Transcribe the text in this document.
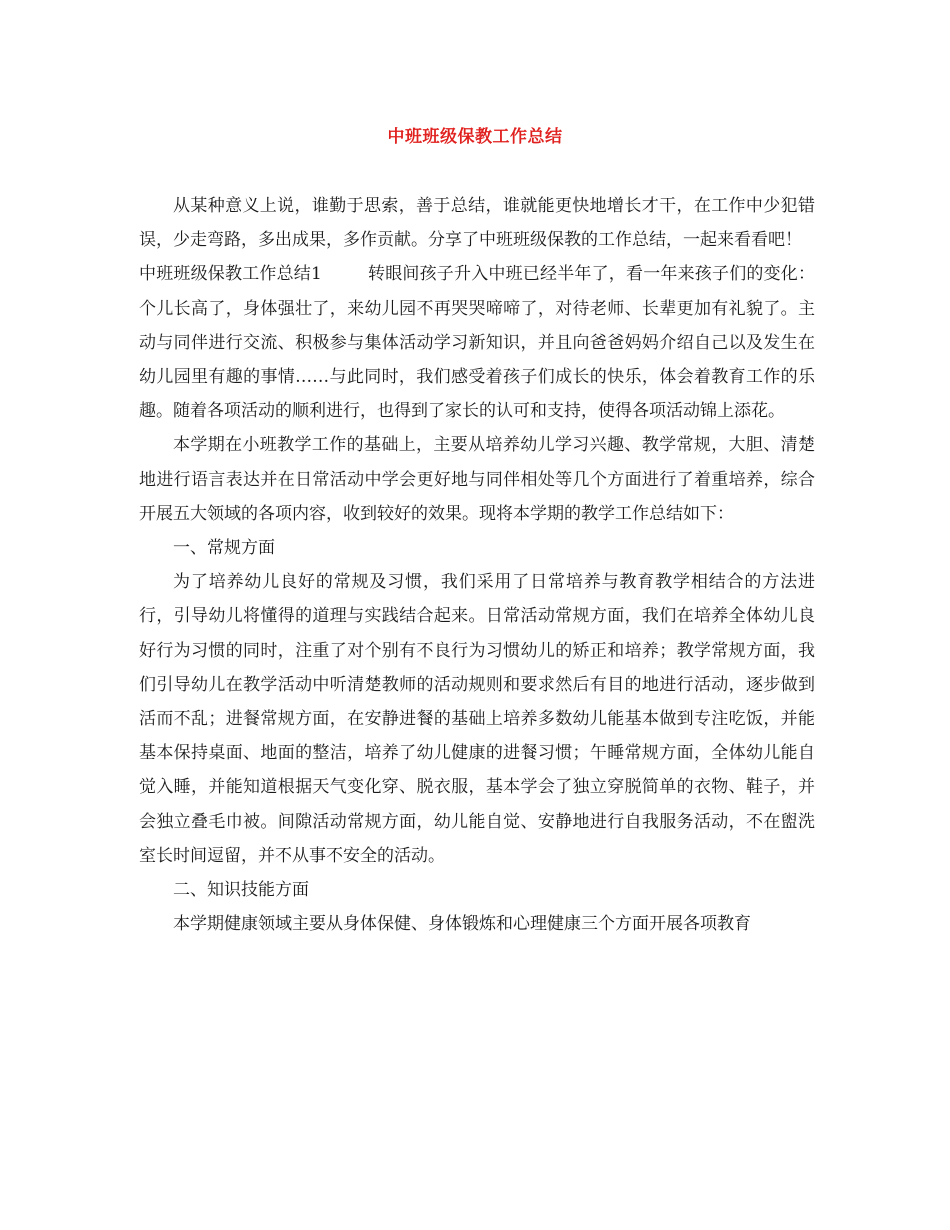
中班班级保教工作总结

从某种意义上说，谁勤于思索，善于总结，谁就能更快地增长才干，在工作中少犯错误，少走弯路，多出成果，多作贡献。分享了中班班级保教的工作总结，一起来看看吧！

中班班级保教工作总结1	转眼间孩子升入中班已经半年了，看一年来孩子们的变化：个儿长高了，身体强壮了，来幼儿园不再哭哭啼啼了，对待老师、长辈更加有礼貌了。主动与同伴进行交流、积极参与集体活动学习新知识，并且向爸爸妈妈介绍自己以及发生在幼儿园里有趣的事情……与此同时，我们感受着孩子们成长的快乐，体会着教育工作的乐趣。随着各项活动的顺利进行，也得到了家长的认可和支持，使得各项活动锦上添花。

本学期在小班教学工作的基础上，主要从培养幼儿学习兴趣、教学常规，大胆、清楚地进行语言表达并在日常活动中学会更好地与同伴相处等几个方面进行了着重培养，综合开展五大领域的各项内容，收到较好的效果。现将本学期的教学工作总结如下：

一、常规方面

为了培养幼儿良好的常规及习惯，我们采用了日常培养与教育教学相结合的方法进行，引导幼儿将懂得的道理与实践结合起来。日常活动常规方面，我们在培养全体幼儿良好行为习惯的同时，注重了对个别有不良行为习惯幼儿的矫正和培养；教学常规方面，我们引导幼儿在教学活动中听清楚教师的活动规则和要求然后有目的地进行活动，逐步做到活而不乱；进餐常规方面，在安静进餐的基础上培养多数幼儿能基本做到专注吃饭，并能基本保持桌面、地面的整洁，培养了幼儿健康的进餐习惯；午睡常规方面，全体幼儿能自觉入睡，并能知道根据天气变化穿、脱衣服，基本学会了独立穿脱简单的衣物、鞋子，并会独立叠毛巾被。间隙活动常规方面，幼儿能自觉、安静地进行自我服务活动，不在盥洗室长时间逗留，并不从事不安全的活动。

二、知识技能方面

本学期健康领域主要从身体保健、身体锻炼和心理健康三个方面开展各项教育
